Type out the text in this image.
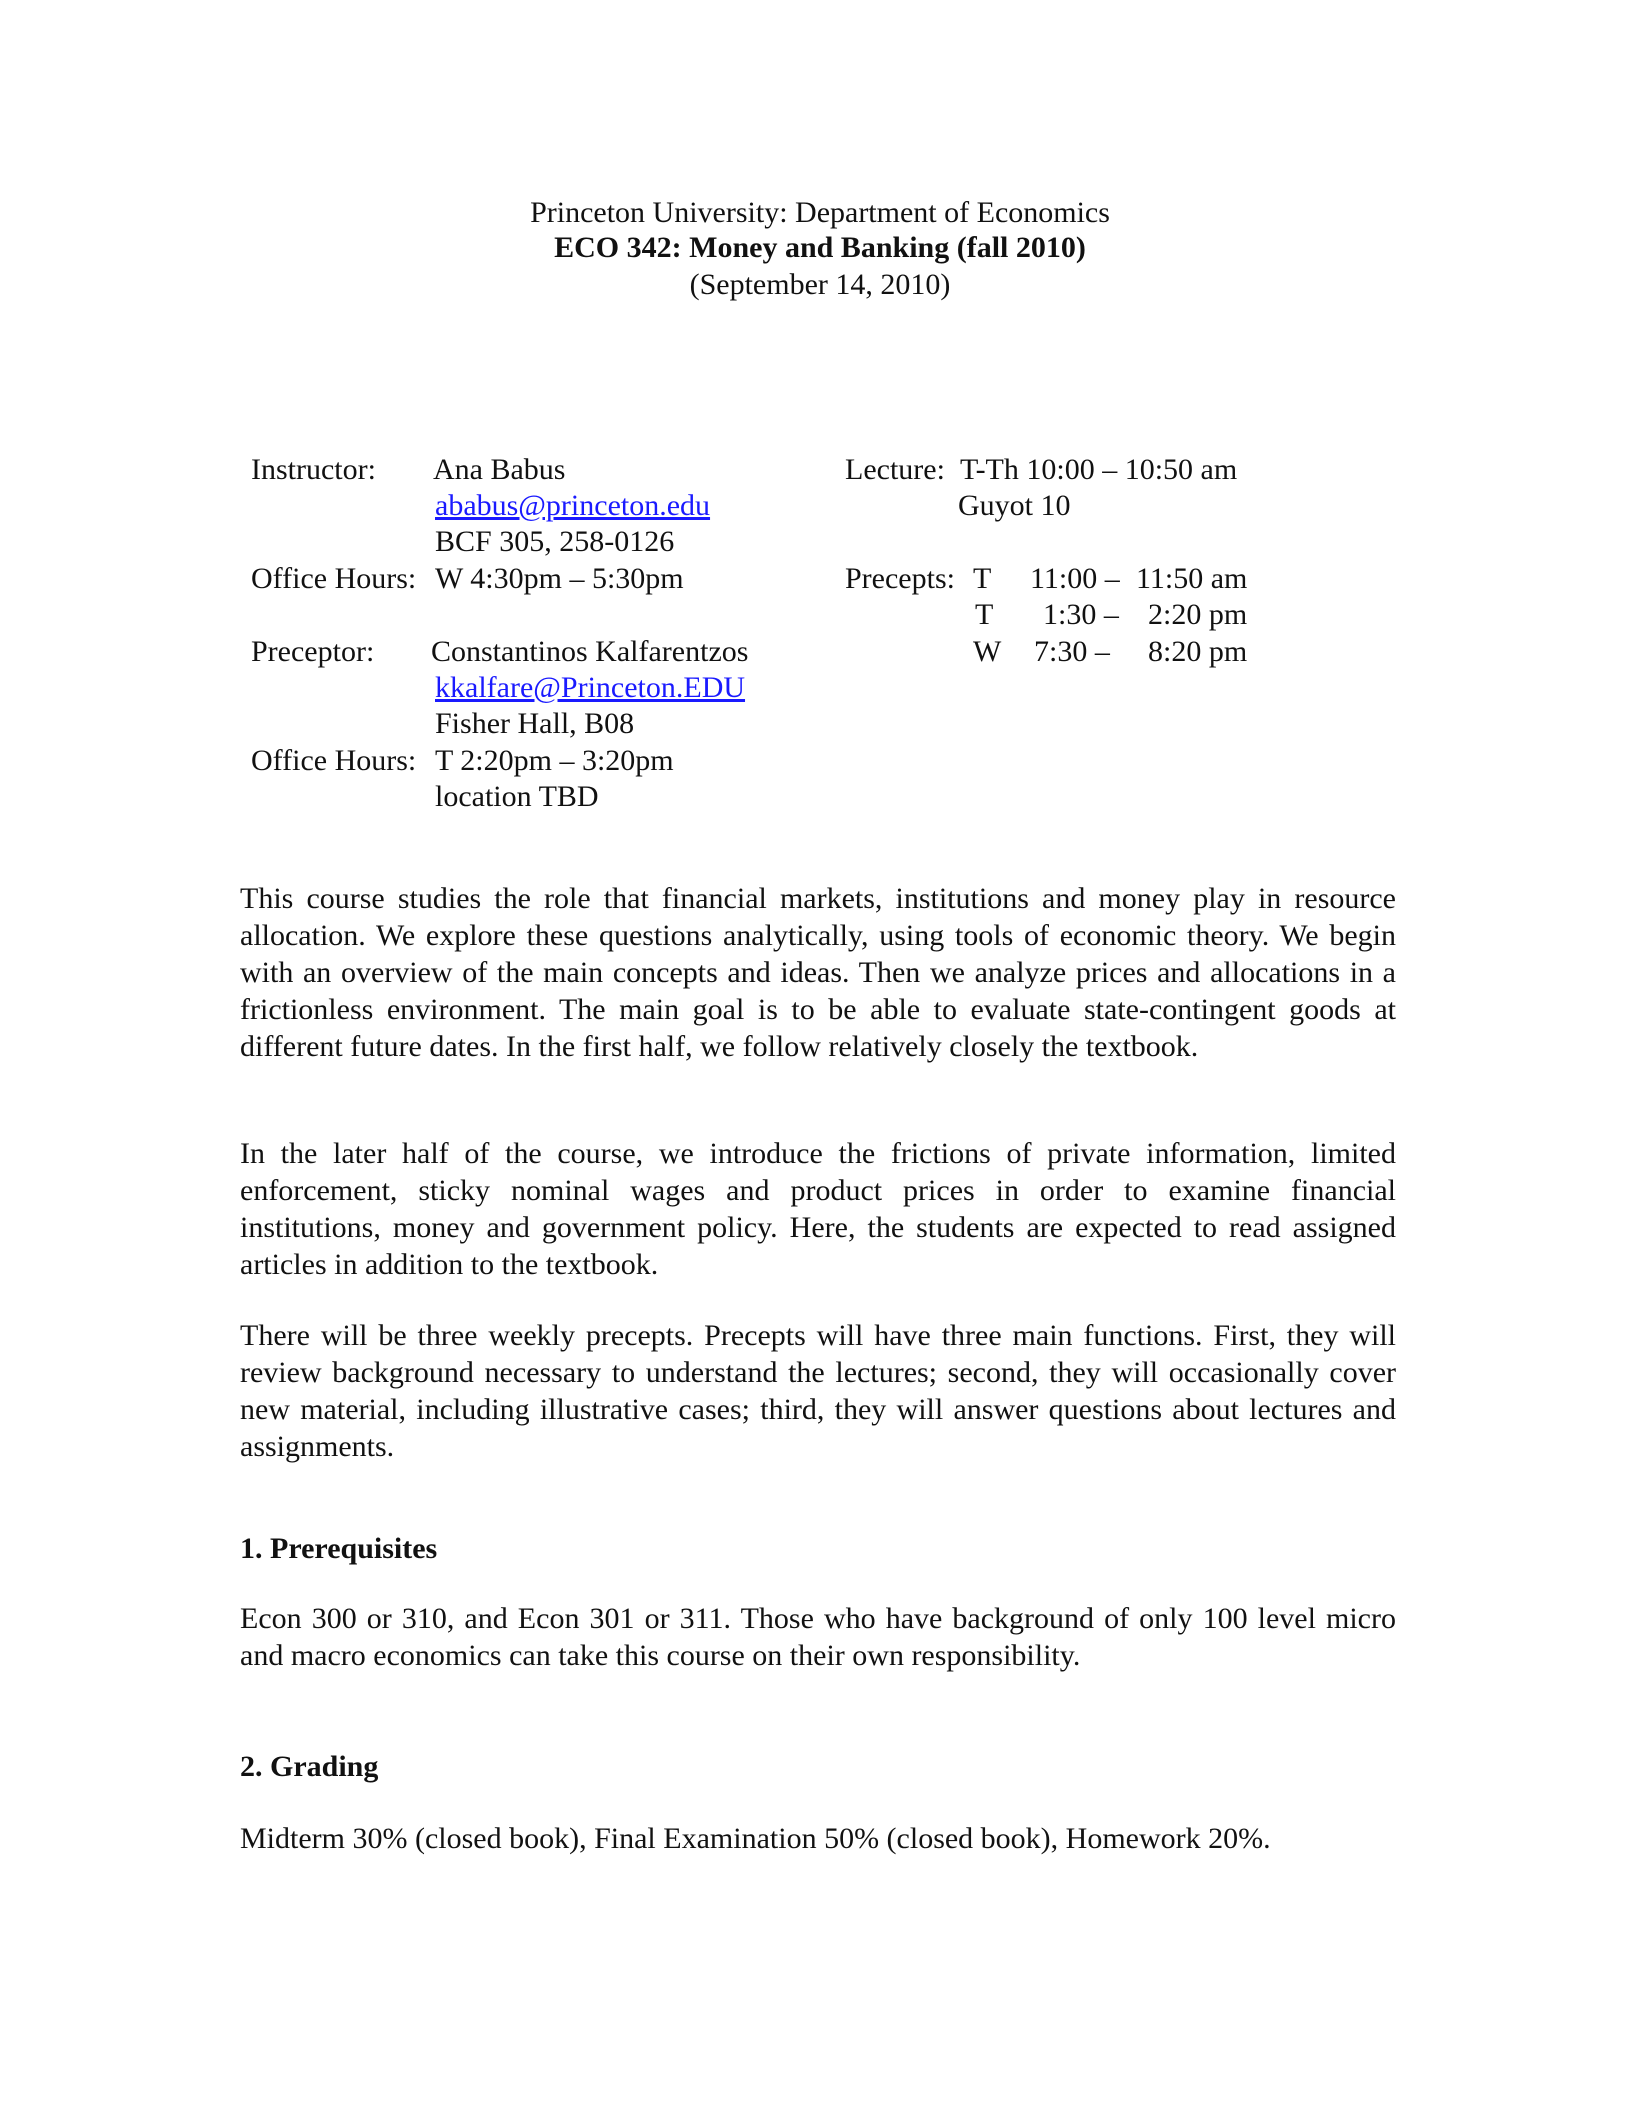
Princeton University: Department of Economics
ECO 342: Money and Banking (fall 2010)
(September 14, 2010)
Instructor: Ana Babus
ababus@princeton.edu
BCF 305, 258-0126
Office Hours: W 4:30pm – 5:30pm
Preceptor: Constantinos Kalfarentzos
kkalfare@Princeton.EDU
Fisher Hall, B08
Office Hours: T 2:20pm – 3:20pm
location TBD
Lecture: T-Th 10:00 – 10:50 am
Guyot 10
Precepts: T 11:00 – 11:50 am
T 1:30 – 2:20 pm
W 7:30 – 8:20 pm

This course studies the role that financial markets, institutions and money play in resource allocation. We explore these questions analytically, using tools of economic theory. We begin with an overview of the main concepts and ideas. Then we analyze prices and allocations in a frictionless environment. The main goal is to be able to evaluate state-contingent goods at different future dates. In the first half, we follow relatively closely the textbook.

In the later half of the course, we introduce the frictions of private information, limited enforcement, sticky nominal wages and product prices in order to examine financial institutions, money and government policy. Here, the students are expected to read assigned articles in addition to the textbook.

There will be three weekly precepts. Precepts will have three main functions. First, they will review background necessary to understand the lectures; second, they will occasionally cover new material, including illustrative cases; third, they will answer questions about lectures and assignments.

1. Prerequisites

Econ 300 or 310, and Econ 301 or 311. Those who have background of only 100 level micro and macro economics can take this course on their own responsibility.

2. Grading

Midterm 30% (closed book), Final Examination 50% (closed book), Homework 20%.
